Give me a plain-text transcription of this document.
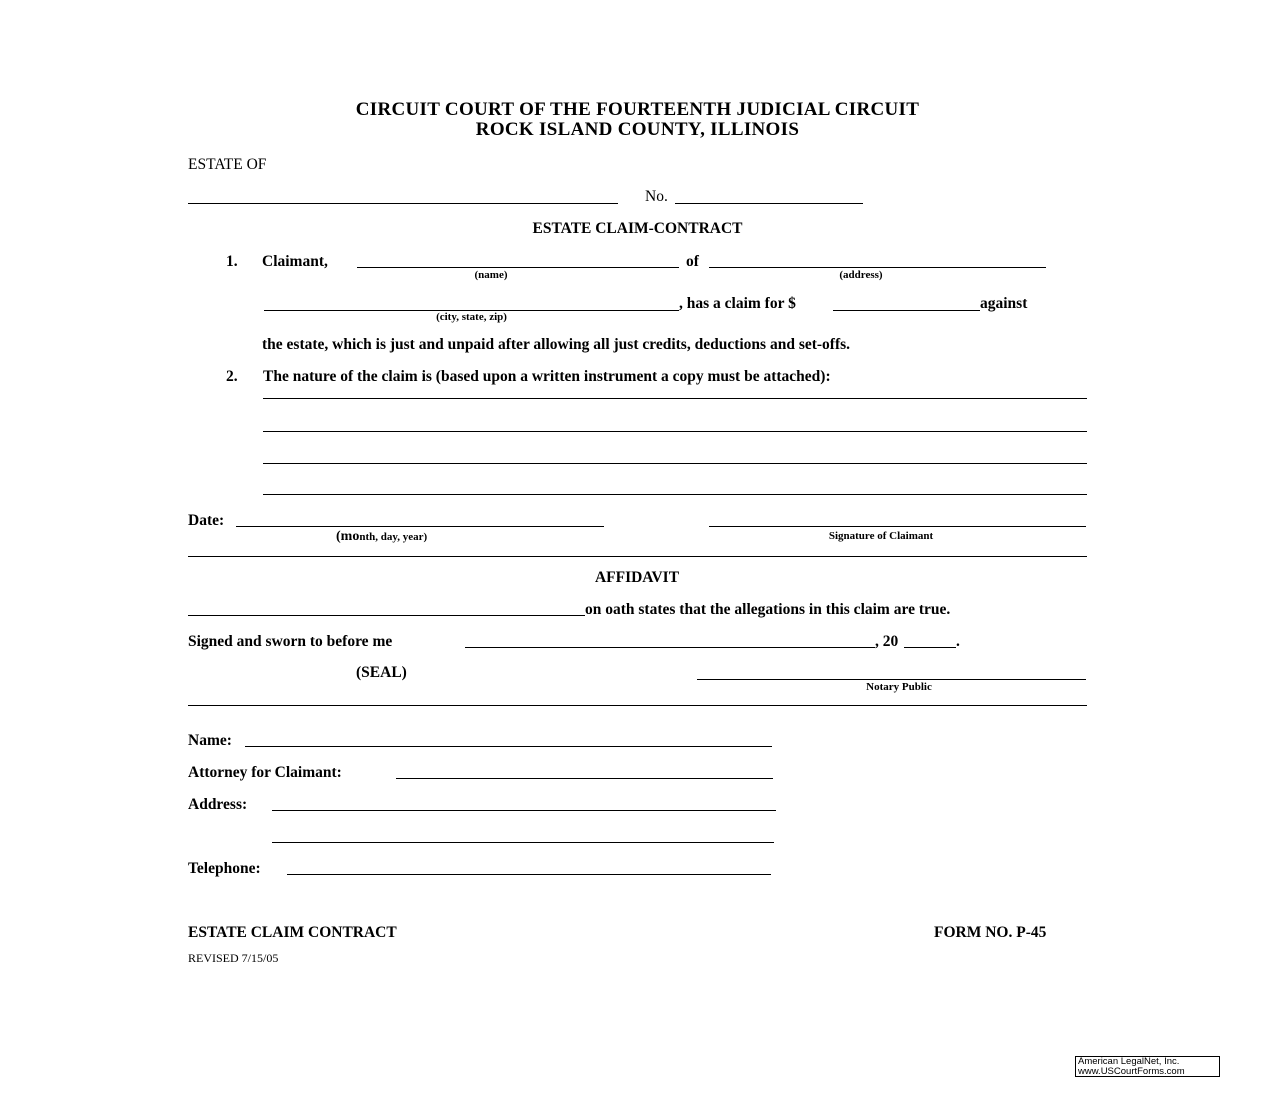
CIRCUIT COURT OF THE FOURTEENTH JUDICIAL CIRCUIT
ROCK ISLAND COUNTY, ILLINOIS
ESTATE OF
No.
ESTATE CLAIM-CONTRACT
1. Claimant,	of
(name)	(address)
, has a claim for $	against
(city, state, zip)
the estate, which is just and unpaid after allowing all just credits, deductions and set-offs.
2. The nature of the claim is (based upon a written instrument a copy must be attached):
Date:
(month, day, year)	Signature of Claimant
AFFIDAVIT
on oath states that the allegations in this claim are true.
Signed and sworn to before me	, 20	.
(SEAL)
Notary Public
Name:
Attorney for Claimant:
Address:
Telephone:
ESTATE CLAIM CONTRACT	FORM NO. P-45
REVISED 7/15/05
American LegalNet, Inc.
www.USCourtForms.com
